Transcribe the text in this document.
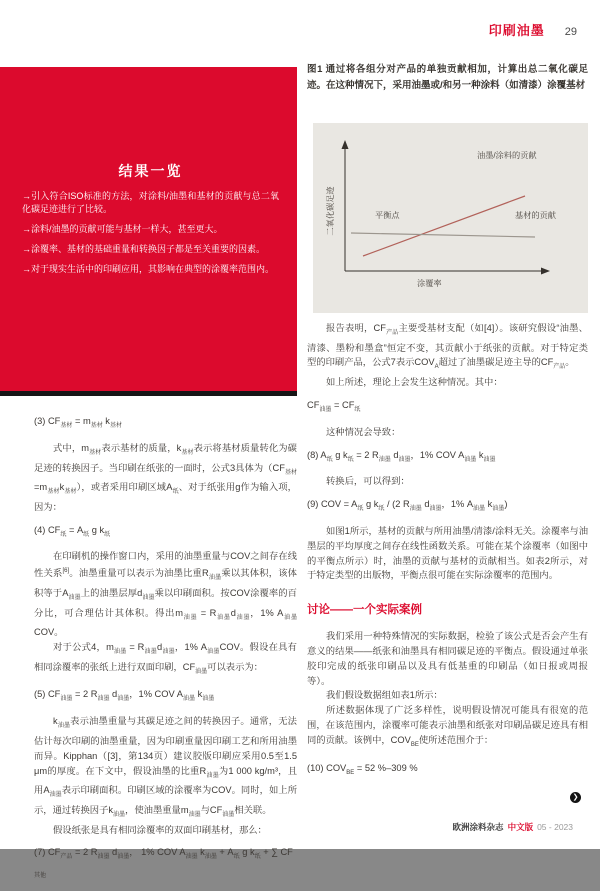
印刷油墨 29
结果一览
→引入符合ISO标准的方法，对涂料/油墨和基材的贡献与总二氧化碳足迹进行了比较。
→涂料/油墨的贡献可能与基材一样大，甚至更大。
→涂覆率、基材的基础重量和转换因子都是至关重要的因素。
→对于现实生活中的印刷应用，其影响在典型的涂覆率范围内。
图1 通过将各组分对产品的单独贡献相加，计算出总二氧化碳足迹。在这种情况下，采用油墨或/和另一种涂料（如清漆）涂覆基材
二氧化碳足迹
涂覆率
油墨/涂料的贡献
平衡点	基材的贡献
(3) $CF_{基材} = m_{基材}$ $k_{基材}$
式中，$m_{基材}$表示基材的质量，$k_{基材}$表示将基材质量转化为碳足迹的转换因子。当印刷在纸张的一面时，公式3具体为$(CF_{基材}=m_{基材}k_{基材})$，或者采用印刷区域$A_纸$、对于纸张用g作为输入项，因为：
(4) $CF_纸 = A_纸$ g $k_纸$
在印刷机的操作窗口内，采用的油墨重量与COV之间存在线性关系[6]。油墨重量可以表示为油墨比重$R_{油墨}$乘以其体积，该体积等于$A_{油墨}$上的油墨层厚$d_{油墨}$乘以印刷面积。按COV涂覆率的百分比，可合理估计其体积。得出$m_{油墨} = R_{油墨}d_{油墨}$，1% $A_{油墨}COV$。
对于公式4，$m_{油墨} = R_{油墨}d_{油墨}$，1% $A_{油墨}COV$。假设在具有相同涂覆率的张纸上进行双面印刷，$CF_{油墨}$可以表示为：
(5) $CF_{油墨} = 2$ $R_{油墨}$ $d_{油墨}$，1% COV $A_{油墨}$ $k_{油墨}$
$k_{油墨}$表示油墨重量与其碳足迹之间的转换因子。通常，无法估计每次印刷的油墨重量，因为印刷重量因印刷工艺和所用油墨而异。Kipphan（[3]，第134页）建议胶版印刷应采用0.5至1.5 μm的厚度。在下文中，假设油墨的比重$R_{油墨}$为1 000 kg/m³，且用$A_{油墨}$表示印刷面积。印刷区域的涂覆率为COV。同时，如上所示，通过转换因子$k_{油墨}$，使油墨重量$m_{油墨}$与$CF_{油墨}$相关联。
假设纸张是具有相同涂覆率的双面印刷基材，那么：
(7) $CF_{产品} = 2$ $R_{油墨}$ $d_{油墨}$， 1% COV $A_{油墨}$ $k_{油墨} + A_纸$ g $k_纸$ + ∑ $CF_{其他}$
报告表明，$CF_{产品}$主要受基材支配（如[4]）。该研究假设“油墨、清漆、墨粉和墨盒”恒定不变，其贡献小于纸张的贡献。对于特定类型的印刷产品，公式7表示$COV_A$超过了油墨碳足迹主导的$CF_{产品}$。
如上所述，理论上会发生这种情况。其中：
$CF_{油墨} = CF_纸$
这种情况会导致：
(8) $A_纸$ g $k_纸 = 2$ $R_{油墨}$ $d_{油墨}$，1% COV $A_{油墨}$ $k_{油墨}$
转换后，可以得到：
(9) COV = $A_纸$ g $k_纸 / (2$ $R_{油墨}$ $d_{油墨}$，1% $A_{油墨}$ $k_{油墨}$)
如图1所示，基材的贡献与所用油墨/清漆/涂料无关。涂覆率与油墨层的平均厚度之间存在线性函数关系。可能在某个涂覆率（如图中的平衡点所示）时，油墨的贡献与基材的贡献相当。如表2所示，对于特定类型的出版物，平衡点很可能在实际涂覆率的范围内。
讨论——一个实际案例
我们采用一种特殊情况的实际数据，检验了该公式是否会产生有意义的结果——纸张和油墨具有相同碳足迹的平衡点。假设通过单张胶印完成的纸张印刷品以及具有低基重的印刷品（如日报或周报等）。
我们假设数据组如表1所示：
所述数据体现了广泛多样性，说明假设情况可能具有很宽的范围，在该范围内，涂覆率可能表示油墨和纸张对印刷品碳足迹具有相同的贡献。该例中，$COV_{BE}$使所述范围介于：
(10) $COV_{BE} = 52$ %–309 %
❯
欧洲涂料杂志 中文版 05 - 2023
